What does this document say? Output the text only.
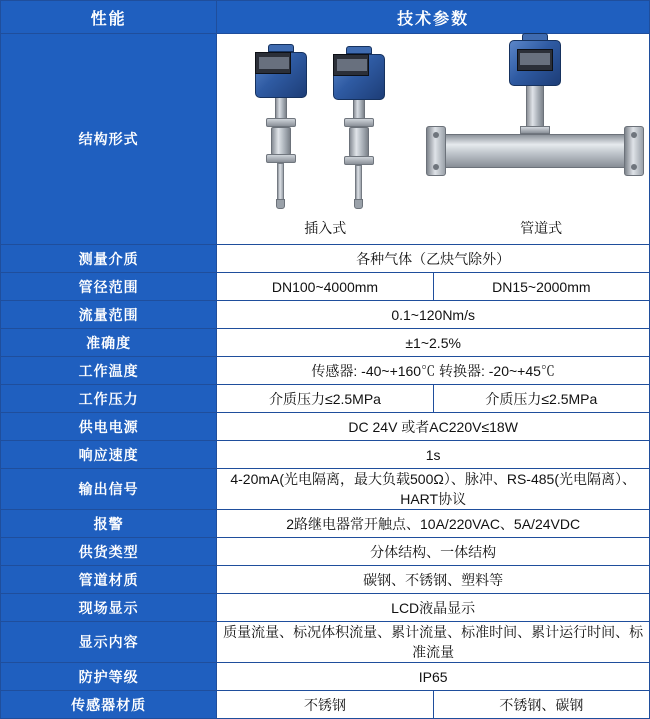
性能	技术参数	
结构形式	插入式 管道式	

测量介质	各种气体（乙炔气除外）	
管径范围	DN100~4000mm	DN15~2000mm
流量范围	0.1~120Nm/s	
准确度	±1~2.5%	
工作温度	传感器: -40~+160℃ 转换器: -20~+45℃	
工作压力	介质压力≤2.5MPa	介质压力≤2.5MPa
供电电源	DC 24V 或者AC220V≤18W	
响应速度	1s	
输出信号	4-20mA(光电隔离，最大负载500Ω）、脉冲、RS-485(光电隔离）、HART协议	
报警	2路继电器常开触点、10A/220VAC、5A/24VDC	
供货类型	分体结构、一体结构	
管道材质	碳钢、不锈钢、塑料等	
现场显示	LCD液晶显示	
显示内容	质量流量、标况体积流量、累计流量、标准时间、累计运行时间、标准流量	
防护等级	IP65	
传感器材质	不锈钢	不锈钢、碳钢
